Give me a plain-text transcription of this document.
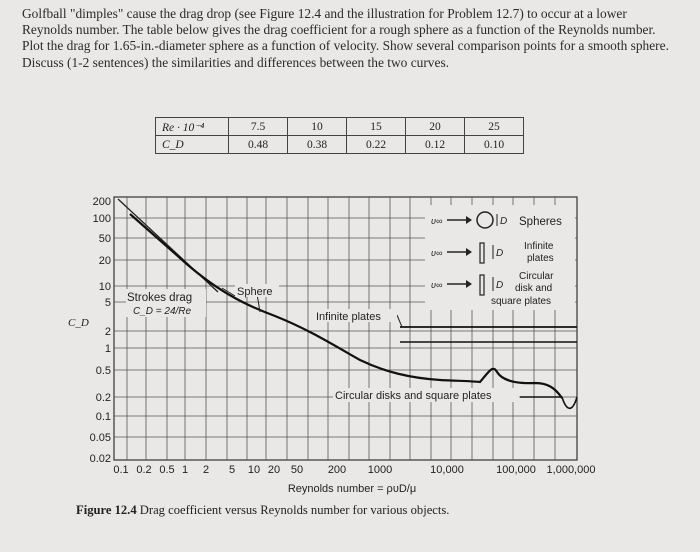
Golfball "dimples" cause the drag drop (see Figure 12.4 and the illustration for Problem 12.7) to occur at a lower Reynolds number. The table below gives the drag coefficient for a rough sphere as a function of the Reynolds number. Plot the drag for 1.65-in.-diameter sphere as a function of velocity. Show several comparison points for a smooth sphere. Discuss (1-2 sentences) the similarities and differences between the two curves.

Re · 10⁻⁴	7.5	10	15	20	25
C_D	0.48	0.38	0.22	0.12	0.10
υ∞
υ∞
υ∞
D
D
D
Spheres
Infinite
plates
Circular
disk and
square plates
Strokes drag
C_D = 24/Re
Sphere
Infinite plates
Circular disks and square plates
200
100
50
20
10
5
2
1
0.5
0.2
0.1
0.05
0.02
C_D
0.1 0.2 0.5 1 2 5 10 20 50 200 1000	10,000	100,000 1,000,000
Reynolds number = ρυD/μ
Figure 12.4 Drag coefficient versus Reynolds number for various objects.
